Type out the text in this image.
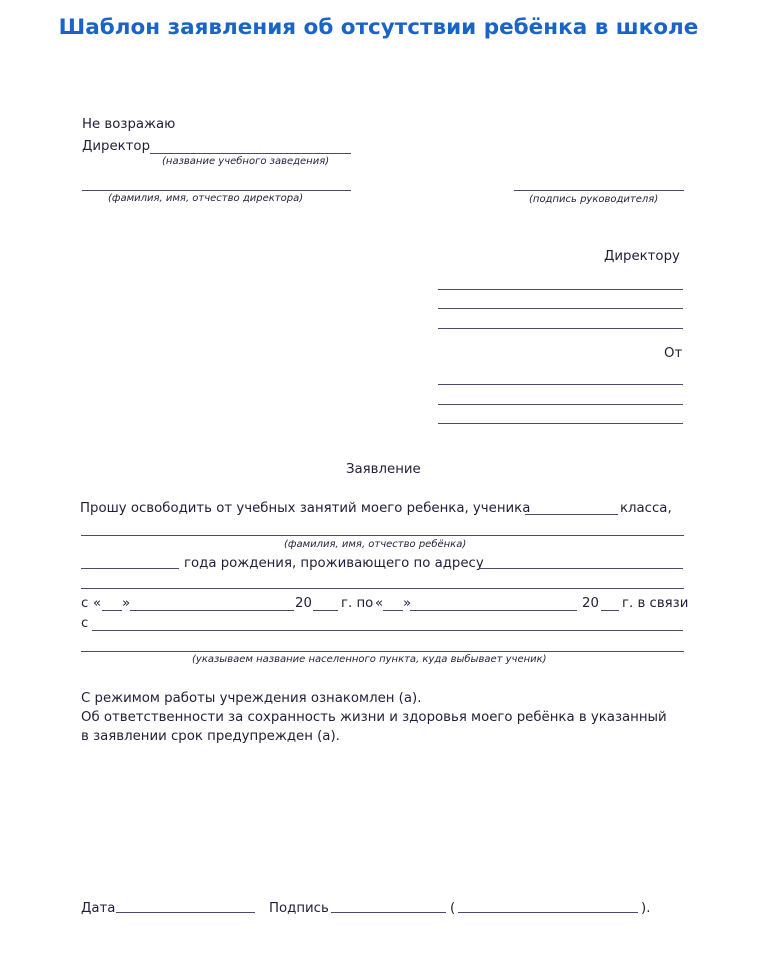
Шаблон заявления об отсутствии ребёнка в школе
Не возражаю
Директор
(название учебного заведения)
(фамилия, имя, отчество директора)	(подпись руководителя)
Директору
От
Заявление
Прошу освободить от учебных занятий моего ребенка, ученика	класса,
(фамилия, имя, отчество ребёнка)
года рождения, проживающего по адресу
с « »	20 г. по « »	20 г. в связи
с
(указываем название населенного пункта, куда выбывает ученик)
С режимом работы учреждения ознакомлен (а).
Об ответственности за сохранность жизни и здоровья моего ребёнка в указанный
в заявлении срок предупрежден (а).
Дата	Подпись	(	).
